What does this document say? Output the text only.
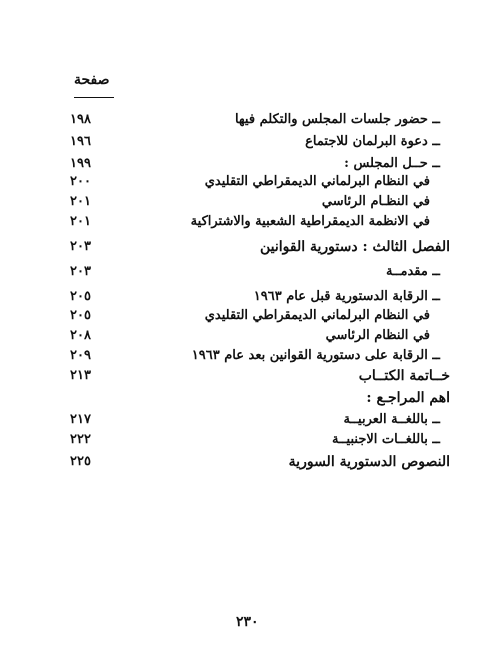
صفحة
١٩٨	ــ حضور جلسات المجلس والتكلم فيها
١٩٦	ــ دعوة البرلمان للاجتماع
١٩٩	ــ حــل المجلس :
٢٠٠	في النظام البرلماني الديمقراطي التقليدي
٢٠١	في النظـام الرئاسي
٢٠١	في الانظمة الديمقراطية الشعبية والاشتراكية
٢٠٣	الفصل الثالث : دستورية القوانين
٢٠٣	ــ مقدمــة
٢٠٥	ــ الرقابة الدستورية قبل عام ١٩٦٣
٢٠٥	في النظام البرلماني الديمقراطي التقليدي
٢٠٨	في النظام الرئاسي
٢٠٩	ــ الرقابة على دستورية القوانين بعد عام ١٩٦٣
٢١٣	خــاتمة الكتــاب
اهم المراجـع :
٢١٧	ــ باللغــة العربيــة
٢٢٢	ــ باللغــات الاجنبيــة
٢٢٥	النصوص الدستورية السورية
٢٣٠
